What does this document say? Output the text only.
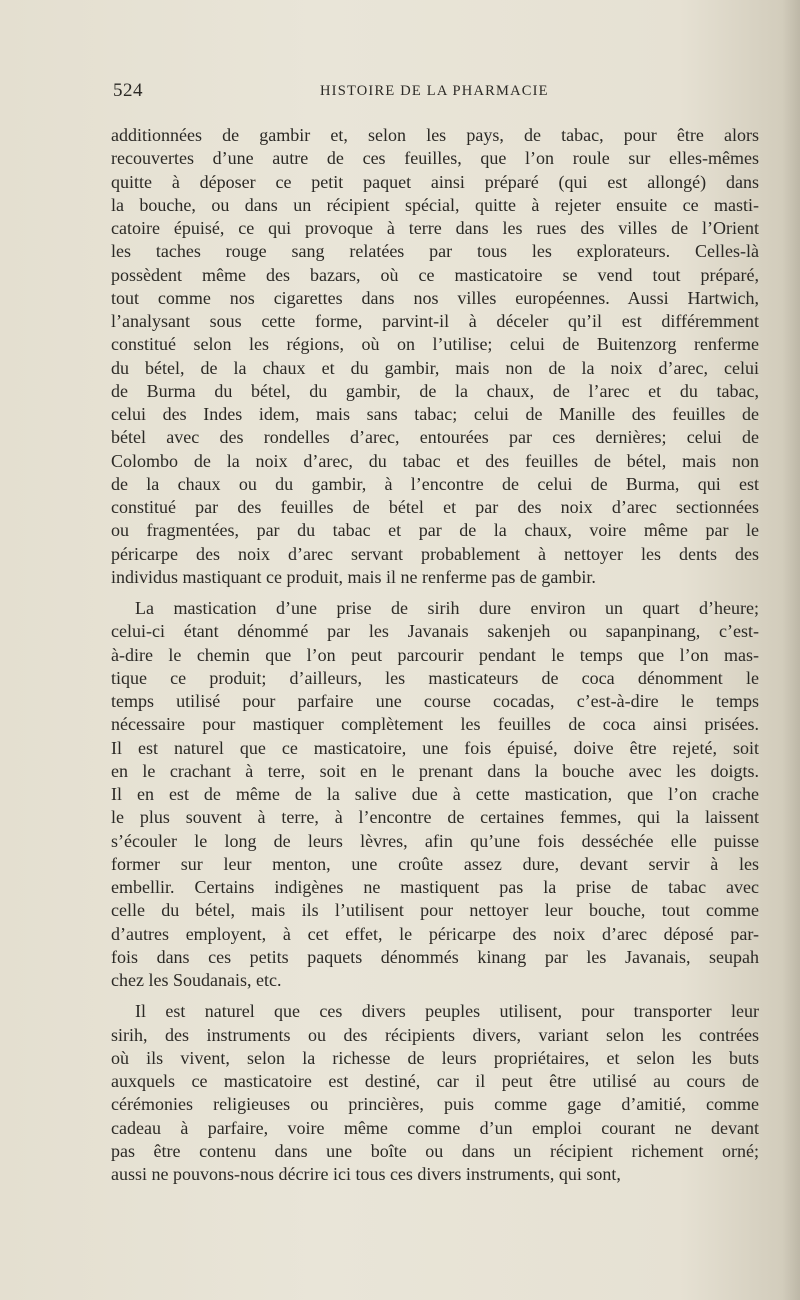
524	HISTOIRE DE LA PHARMACIE

additionnées de gambir et, selon les pays, de tabac, pour être alors
recouvertes d’une autre de ces feuilles, que l’on roule sur elles-mêmes
quitte à déposer ce petit paquet ainsi préparé (qui est allongé) dans
la bouche, ou dans un récipient spécial, quitte à rejeter ensuite ce masti-
catoire épuisé, ce qui provoque à terre dans les rues des villes de l’Orient
les taches rouge sang relatées par tous les explorateurs. Celles-là
possèdent même des bazars, où ce masticatoire se vend tout préparé,
tout comme nos cigarettes dans nos villes européennes. Aussi Hartwich,
l’analysant sous cette forme, parvint-il à déceler qu’il est différemment
constitué selon les régions, où on l’utilise; celui de Buitenzorg renferme
du bétel, de la chaux et du gambir, mais non de la noix d’arec, celui
de Burma du bétel, du gambir, de la chaux, de l’arec et du tabac,
celui des Indes idem, mais sans tabac; celui de Manille des feuilles de
bétel avec des rondelles d’arec, entourées par ces dernières; celui de
Colombo de la noix d’arec, du tabac et des feuilles de bétel, mais non
de la chaux ou du gambir, à l’encontre de celui de Burma, qui est
constitué par des feuilles de bétel et par des noix d’arec sectionnées
ou fragmentées, par du tabac et par de la chaux, voire même par le
péricarpe des noix d’arec servant probablement à nettoyer les dents des
individus mastiquant ce produit, mais il ne renferme pas de gambir.

La mastication d’une prise de sirih dure environ un quart d’heure;
celui-ci étant dénommé par les Javanais sakenjeh ou sapanpinang, c’est-
à-dire le chemin que l’on peut parcourir pendant le temps que l’on mas-
tique ce produit; d’ailleurs, les masticateurs de coca dénomment le
temps utilisé pour parfaire une course cocadas, c’est-à-dire le temps
nécessaire pour mastiquer complètement les feuilles de coca ainsi prisées.
Il est naturel que ce masticatoire, une fois épuisé, doive être rejeté, soit
en le crachant à terre, soit en le prenant dans la bouche avec les doigts.
Il en est de même de la salive due à cette mastication, que l’on crache
le plus souvent à terre, à l’encontre de certaines femmes, qui la laissent
s’écouler le long de leurs lèvres, afin qu’une fois desséchée elle puisse
former sur leur menton, une croûte assez dure, devant servir à les
embellir. Certains indigènes ne mastiquent pas la prise de tabac avec
celle du bétel, mais ils l’utilisent pour nettoyer leur bouche, tout comme
d’autres employent, à cet effet, le péricarpe des noix d’arec déposé par-
fois dans ces petits paquets dénommés kinang par les Javanais, seupah
chez les Soudanais, etc.

Il est naturel que ces divers peuples utilisent, pour transporter leur
sirih, des instruments ou des récipients divers, variant selon les contrées
où ils vivent, selon la richesse de leurs propriétaires, et selon les buts
auxquels ce masticatoire est destiné, car il peut être utilisé au cours de
cérémonies religieuses ou princières, puis comme gage d’amitié, comme
cadeau à parfaire, voire même comme d’un emploi courant ne devant
pas être contenu dans une boîte ou dans un récipient richement orné;
aussi ne pouvons-nous décrire ici tous ces divers instruments, qui sont,
